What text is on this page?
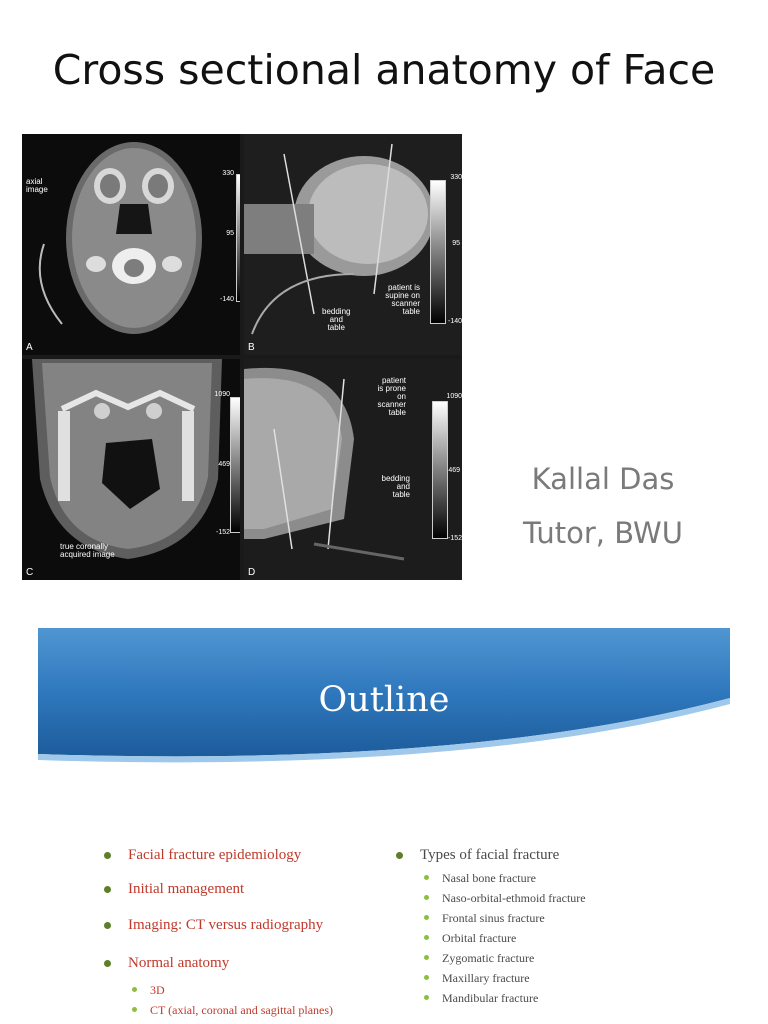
Cross sectional anatomy of Face
axial
image
330
95
-140
A
patient is
supine on
scanner
table
bedding
and
table
330
95
-140
B
true coronally
acquired image
1090
469
-152
C
patient
is prone
on
scanner
table
bedding
and
table
1090
469
-152
D
Kallal Das
Tutor, BWU
Outline
Facial fracture epidemiology
Initial management
Imaging: CT versus radiography
Normal anatomy
3D
CT (axial, coronal and sagittal planes)
Types of facial fracture
Nasal bone fracture
Naso-orbital-ethmoid fracture
Frontal sinus fracture
Orbital fracture
Zygomatic fracture
Maxillary fracture
Mandibular fracture
